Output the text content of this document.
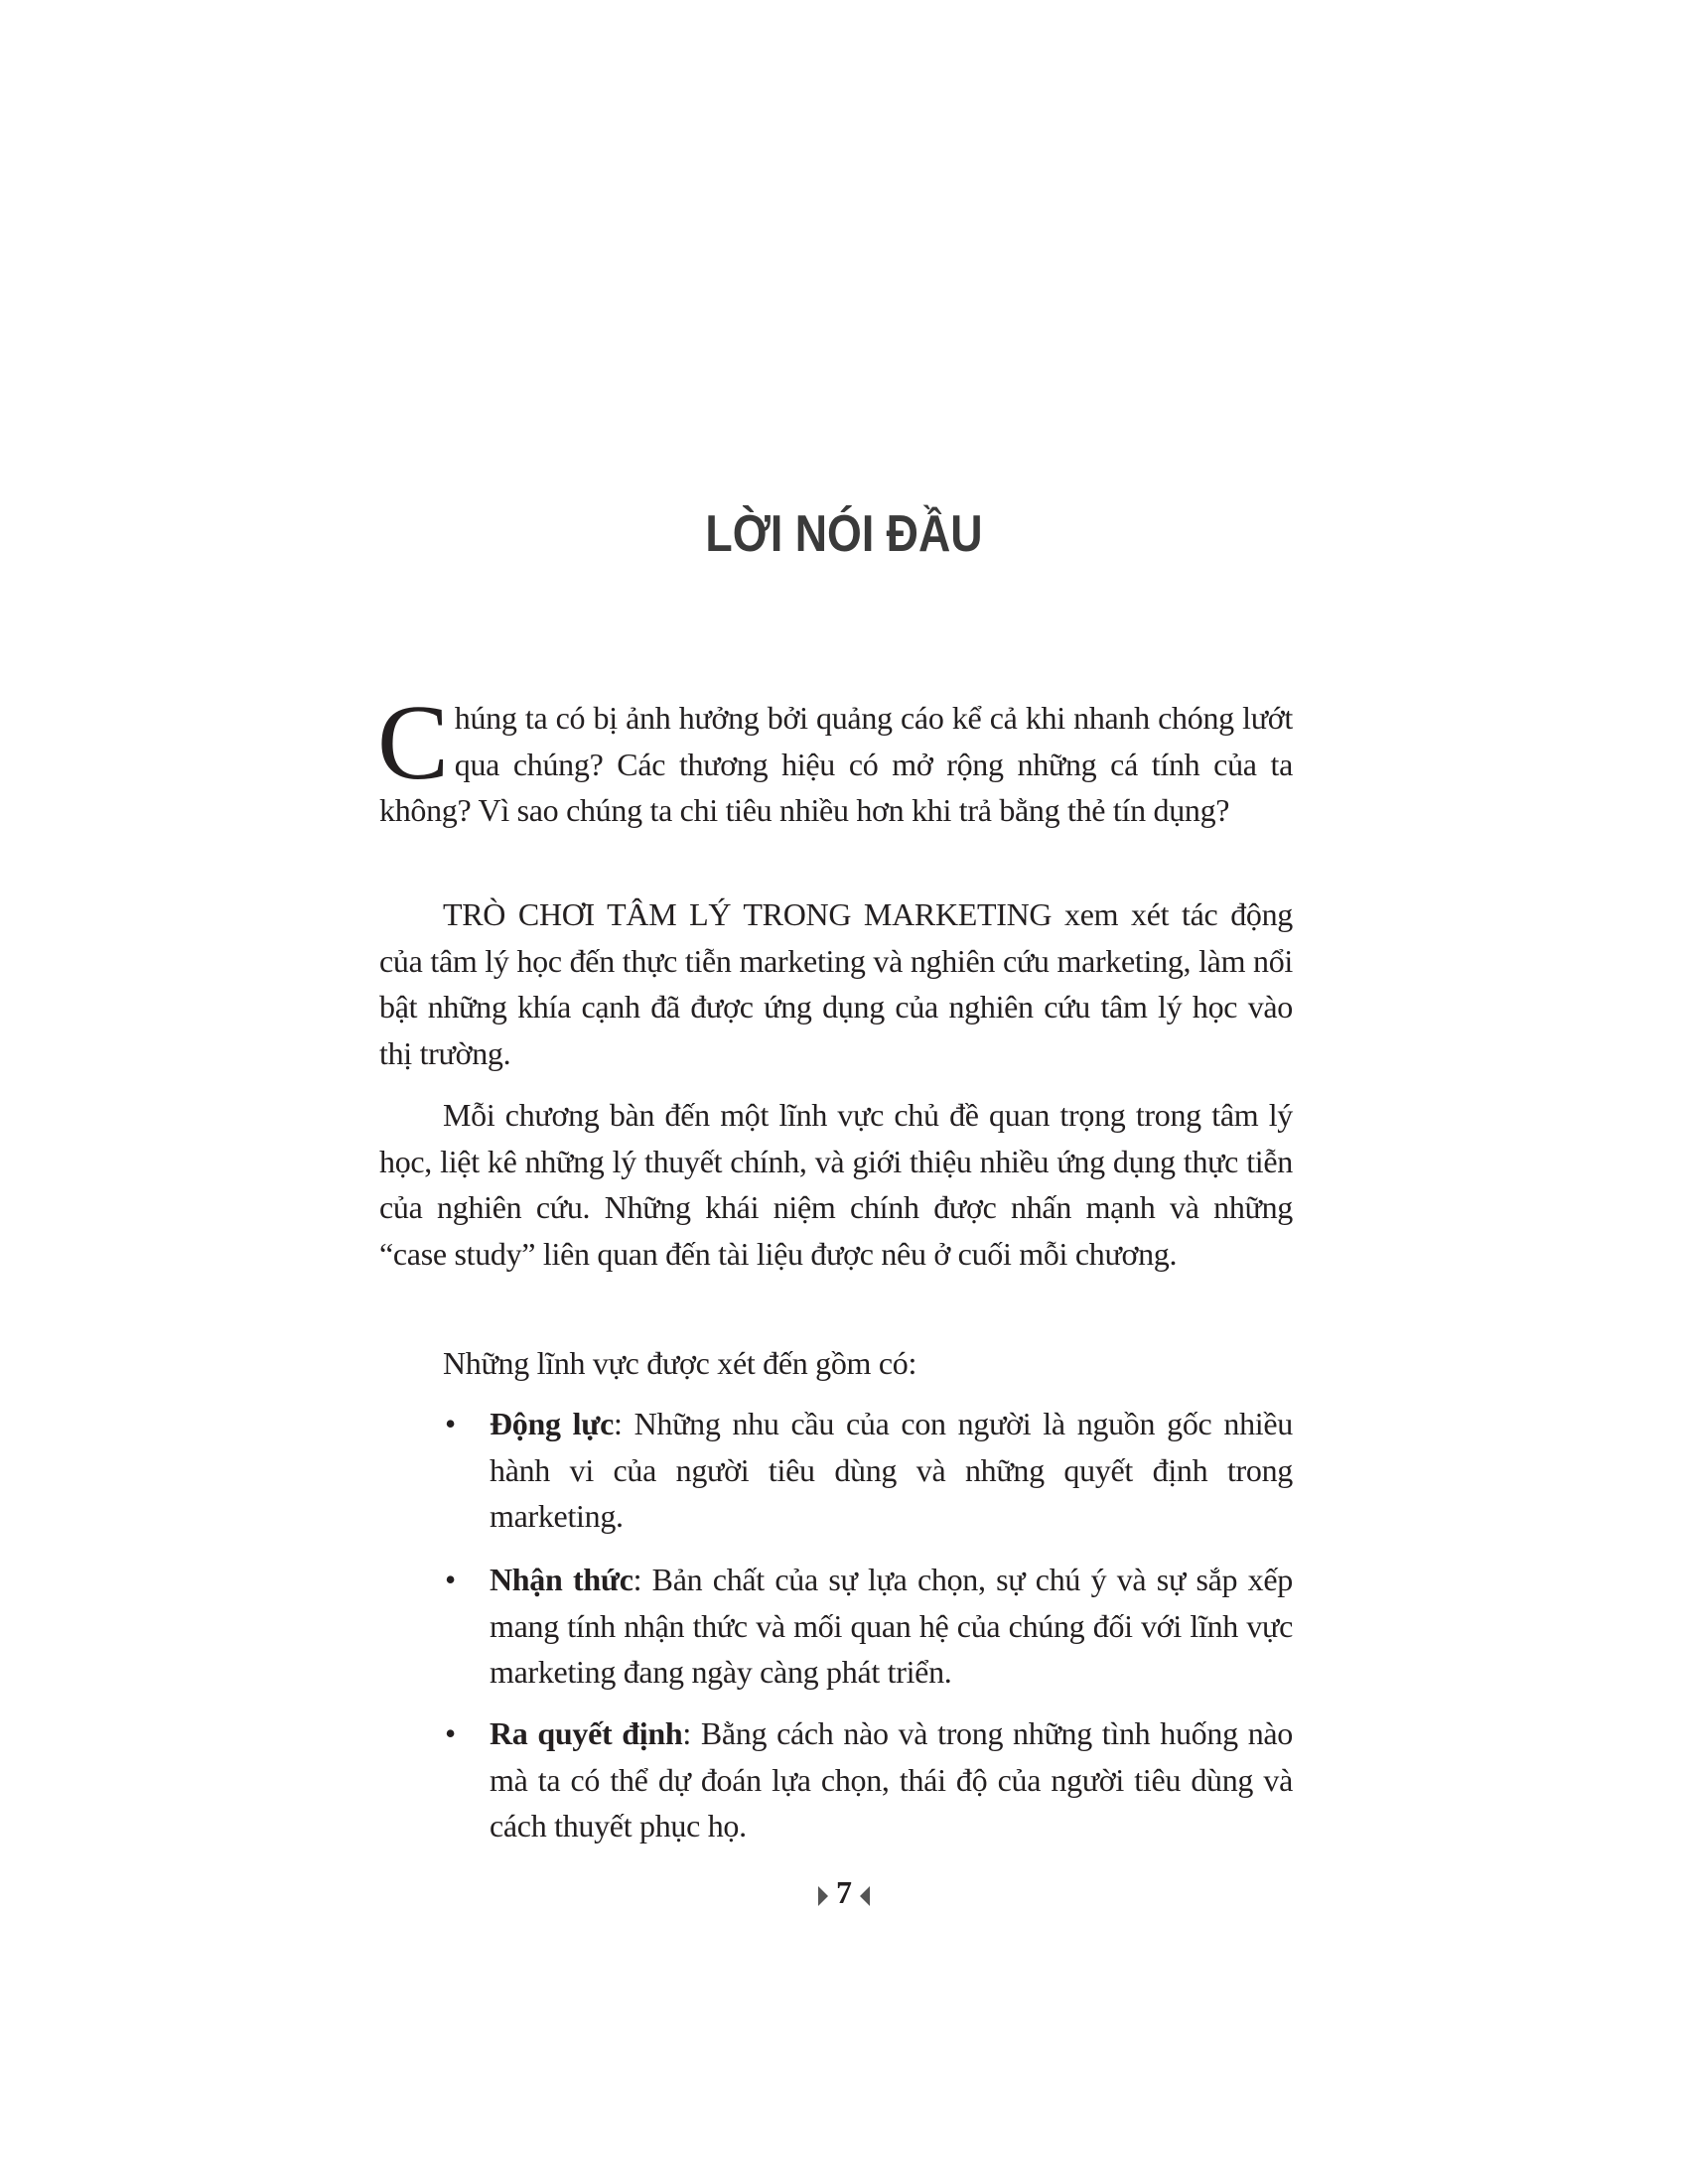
LỜI NÓI ĐẦU
Chúng ta có bị ảnh hưởng bởi quảng cáo kể cả khi nhanh chóng lướt qua chúng? Các thương hiệu có mở rộng những cá tính của ta không? Vì sao chúng ta chi tiêu nhiều hơn khi trả bằng thẻ tín dụng?
TRÒ CHƠI TÂM LÝ TRONG MARKETING xem xét tác động của tâm lý học đến thực tiễn marketing và nghiên cứu marketing, làm nổi bật những khía cạnh đã được ứng dụng của nghiên cứu tâm lý học vào thị trường.
Mỗi chương bàn đến một lĩnh vực chủ đề quan trọng trong tâm lý học, liệt kê những lý thuyết chính, và giới thiệu nhiều ứng dụng thực tiễn của nghiên cứu. Những khái niệm chính được nhấn mạnh và những “case study” liên quan đến tài liệu được nêu ở cuối mỗi chương.
Những lĩnh vực được xét đến gồm có:
• Động lực: Những nhu cầu của con người là nguồn gốc nhiều hành vi của người tiêu dùng và những quyết định trong marketing.
• Nhận thức: Bản chất của sự lựa chọn, sự chú ý và sự sắp xếp mang tính nhận thức và mối quan hệ của chúng đối với lĩnh vực marketing đang ngày càng phát triển.
• Ra quyết định: Bằng cách nào và trong những tình huống nào mà ta có thể dự đoán lựa chọn, thái độ của người tiêu dùng và cách thuyết phục họ.
7
